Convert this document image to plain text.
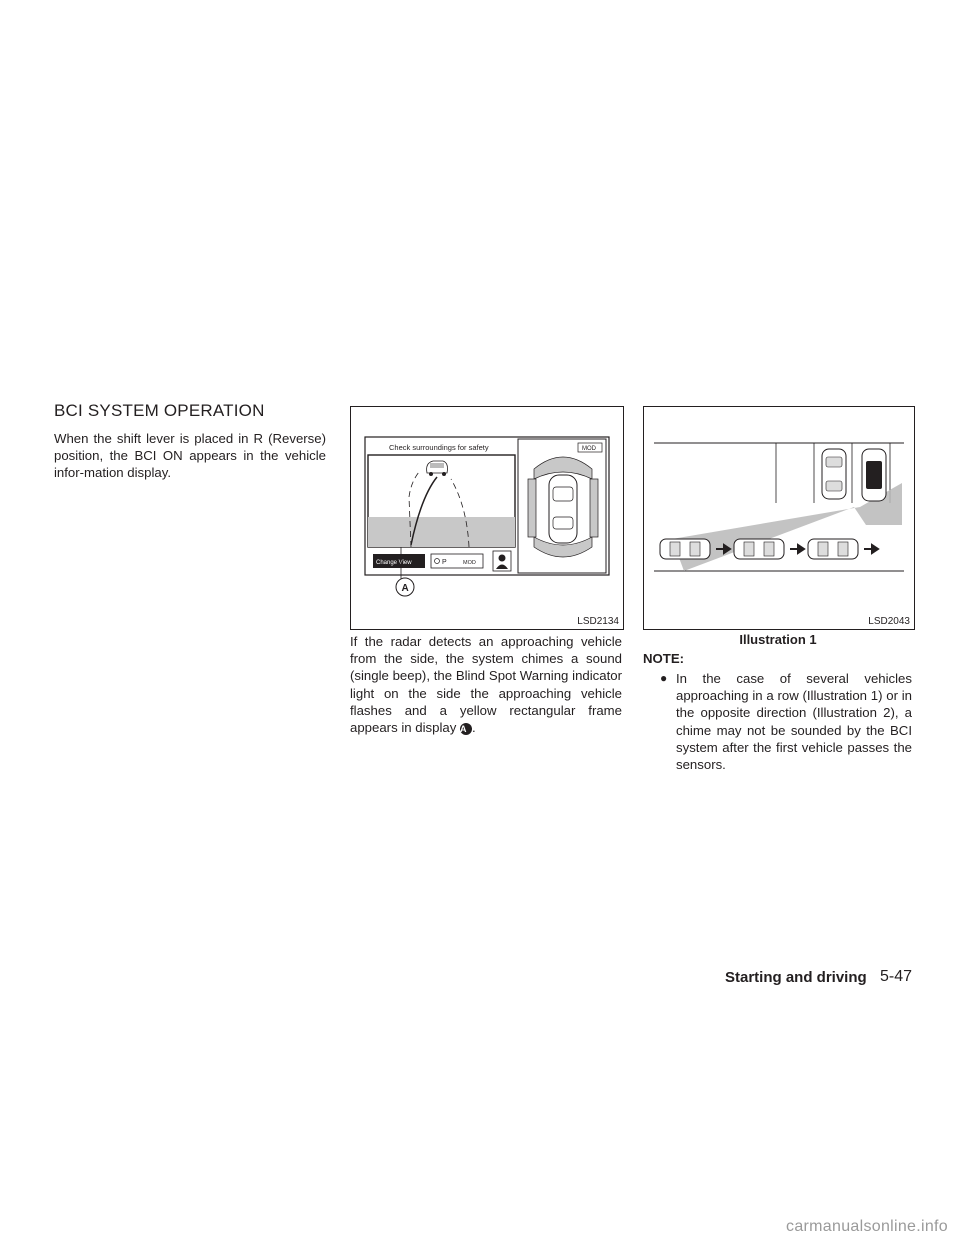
BCI SYSTEM OPERATION
When the shift lever is placed in R (Reverse) position, the BCI ON appears in the vehicle infor-mation display.
Check surroundings for safety
Change View	P	MOD
MOD
A
LSD2134
If the radar detects an approaching vehicle from the side, the system chimes a sound (single beep), the Blind Spot Warning indicator light on the side the approaching vehicle flashes and a yellow rectangular frame appears in display A .
LSD2043
Illustration 1
NOTE:
● In the case of several vehicles approaching in a row (Illustration 1) or in the opposite direction (Illustration 2), a chime may not be sounded by the BCI system after the first vehicle passes the sensors.
Starting and driving 5-47
carmanualsonline.info
